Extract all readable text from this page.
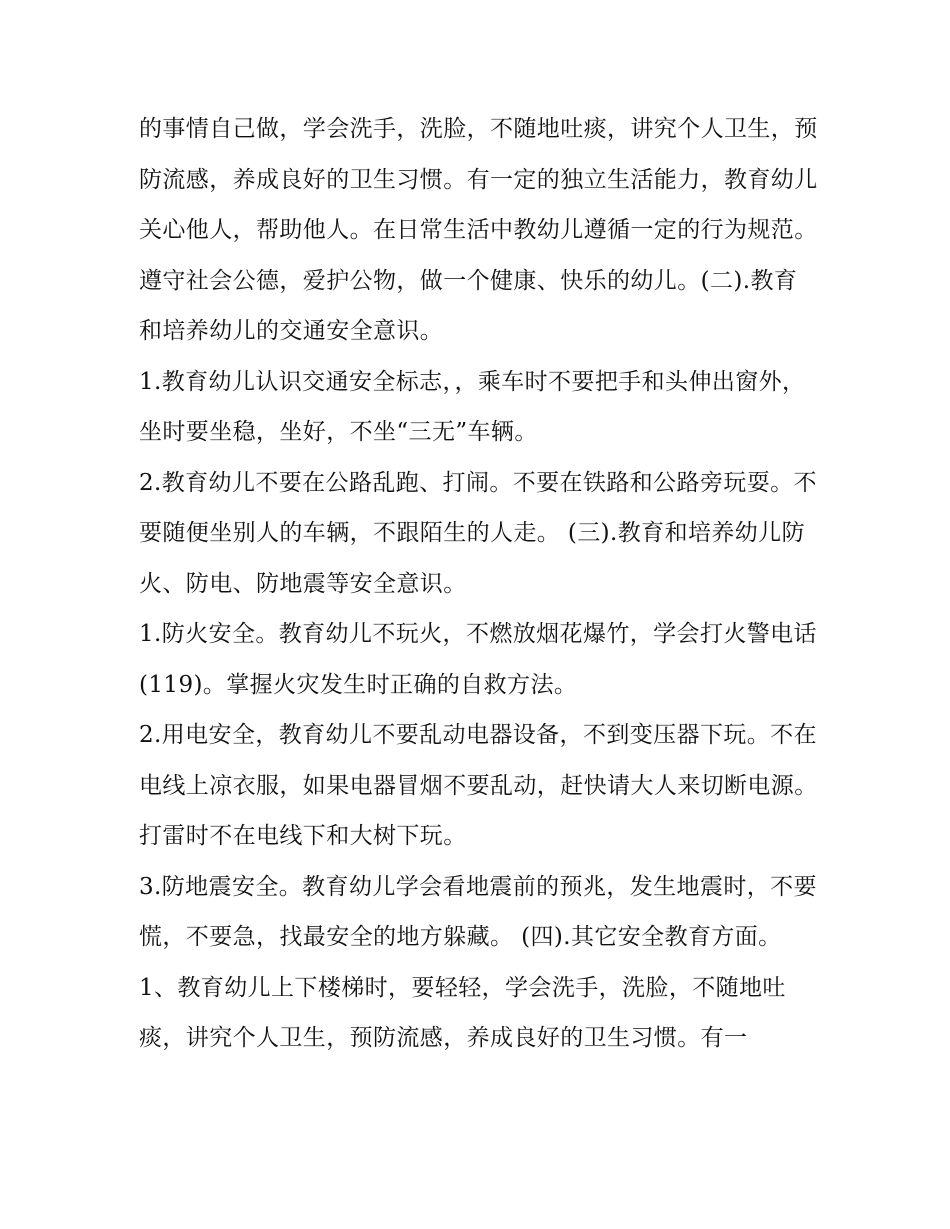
的事情自己做，学会洗手，洗脸，不随地吐痰，讲究个人卫生，预防流感，养成良好的卫生习惯。有一定的独立生活能力，教育幼儿关心他人，帮助他人。在日常生活中教幼儿遵循一定的行为规范。遵守社会公德，爱护公物，做一个健康、快乐的幼儿。(二).教育和培养幼儿的交通安全意识。

1.教育幼儿认识交通安全标志，，乘车时不要把手和头伸出窗外，坐时要坐稳，坐好，不坐“三无”车辆。

2.教育幼儿不要在公路乱跑、打闹。不要在铁路和公路旁玩耍。不要随便坐别人的车辆，不跟陌生的人走。 (三).教育和培养幼儿防火、防电、防地震等安全意识。

1.防火安全。教育幼儿不玩火，不燃放烟花爆竹，学会打火警电话(119)。掌握火灾发生时正确的自救方法。

2.用电安全，教育幼儿不要乱动电器设备，不到变压器下玩。不在电线上凉衣服，如果电器冒烟不要乱动，赶快请大人来切断电源。打雷时不在电线下和大树下玩。

3.防地震安全。教育幼儿学会看地震前的预兆，发生地震时，不要慌，不要急，找最安全的地方躲藏。 (四).其它安全教育方面。

1、教育幼儿上下楼梯时，要轻轻，学会洗手，洗脸，不随地吐痰，讲究个人卫生，预防流感，养成良好的卫生习惯。有一
